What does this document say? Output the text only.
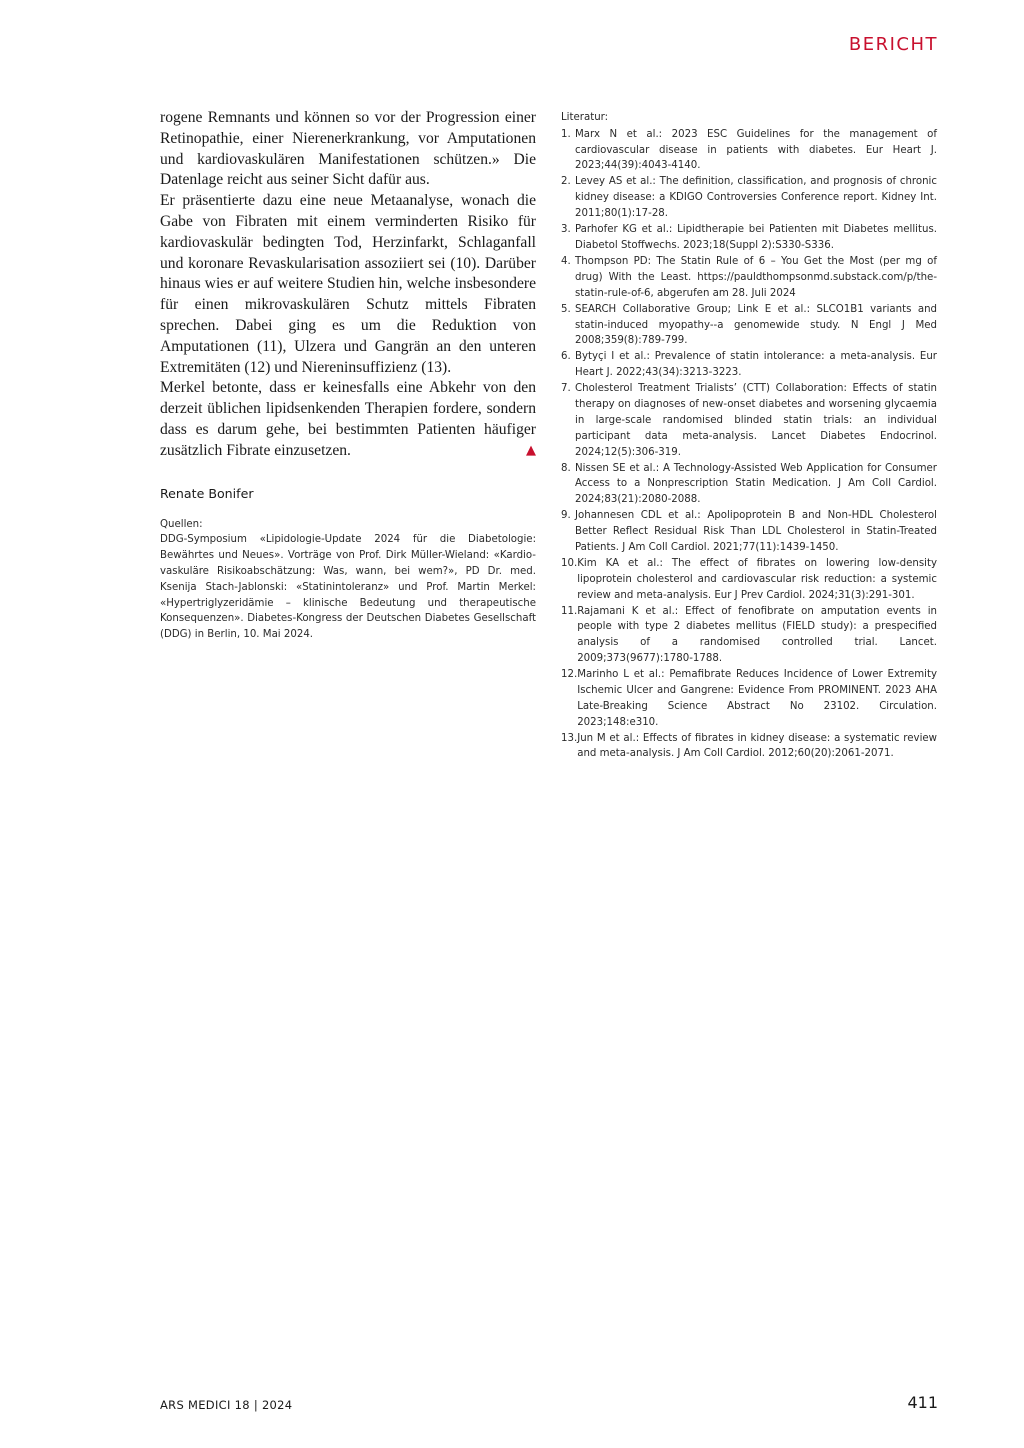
BERICHT

rogene Remnants und können so vor der Progression einer Retinopathie, einer Nierenerkrankung, vor Amputationen und kardiovaskulären Manifestationen schützen.» Die Datenlage reicht aus seiner Sicht dafür aus.

Er präsentierte dazu eine neue Metaanalyse, wonach die Gabe von Fibraten mit einem verminderten Risiko für kardiovaskulär bedingten Tod, Herzinfarkt, Schlaganfall und koronare Revaskularisation assoziiert sei (10). Darüber hinaus wies er auf weitere Studien hin, welche insbesondere für einen mikrovaskulären Schutz mittels Fibraten sprechen. Dabei ging es um die Reduktion von Amputationen (11), Ulzera und Gangrän an den unteren Extremitäten (12) und Niereninsuffizienz (13).

Merkel betonte, dass er keinesfalls eine Abkehr von den derzeit üblichen lipidsenkenden Therapien fordere, sondern dass es darum gehe, bei bestimmten Patienten häufiger zusätzlich Fibrate einzusetzen.	▲

Renate Bonifer

Quellen:

DDG-Symposium «Lipidologie-Update 2024 für die Diabetologie: Bewährtes und Neues». Vorträge von Prof. Dirk Müller-Wieland: «Kardio-vaskuläre Risikoabschätzung: Was, wann, bei wem?», PD Dr. med. Ksenija Stach-Jablonski: «Statinintoleranz» und Prof. Martin Merkel: «Hypertriglyzeridämie – klinische Bedeutung und therapeutische Konsequenzen». Diabetes-Kongress der Deutschen Diabetes Gesellschaft (DDG) in Berlin, 10. Mai 2024.

Literatur:

1. Marx N et al.: 2023 ESC Guidelines for the management of cardiovascular disease in patients with diabetes. Eur Heart J. 2023;44(39):4043-4140.
2. Levey AS et al.: The definition, classification, and prognosis of chronic kidney disease: a KDIGO Controversies Conference report. Kidney Int. 2011;80(1):17-28.
3. Parhofer KG et al.: Lipidtherapie bei Patienten mit Diabetes mellitus. Diabetol Stoffwechs. 2023;18(Suppl 2):S330-S336.
4. Thompson PD: The Statin Rule of 6 – You Get the Most (per mg of drug) With the Least. https://pauldthompsonmd.substack.com/p/the-statin-rule-of-6, abgerufen am 28. Juli 2024
5. SEARCH Collaborative Group; Link E et al.: SLCO1B1 variants and statin-induced myopathy--a genomewide study. N Engl J Med 2008;359(8):789-799.
6. Bytyçi I et al.: Prevalence of statin intolerance: a meta-analysis. Eur Heart J. 2022;43(34):3213-3223.
7. Cholesterol Treatment Trialists’ (CTT) Collaboration: Effects of statin therapy on diagnoses of new-onset diabetes and worsening glycaemia in large-scale randomised blinded statin trials: an individual participant data meta-analysis. Lancet Diabetes Endocrinol. 2024;12(5):306-319.
8. Nissen SE et al.: A Technology-Assisted Web Application for Consumer Access to a Nonprescription Statin Medication. J Am Coll Cardiol. 2024;83(21):2080-2088.
9. Johannesen CDL et al.: Apolipoprotein B and Non-HDL Cholesterol Better Reflect Residual Risk Than LDL Cholesterol in Statin-Treated Patients. J Am Coll Cardiol. 2021;77(11):1439-1450.
10. Kim KA et al.: The effect of fibrates on lowering low-density lipoprotein cholesterol and cardiovascular risk reduction: a systemic review and meta-analysis. Eur J Prev Cardiol. 2024;31(3):291-301.
11. Rajamani K et al.: Effect of fenofibrate on amputation events in people with type 2 diabetes mellitus (FIELD study): a prespecified analysis of a randomised controlled trial. Lancet. 2009;373(9677):1780-1788.
12. Marinho L et al.: Pemafibrate Reduces Incidence of Lower Extremity Ischemic Ulcer and Gangrene: Evidence From PROMINENT. 2023 AHA Late-Breaking Science Abstract No 23102. Circulation. 2023;148:e310.
13. Jun M et al.: Effects of fibrates in kidney disease: a systematic review and meta-analysis. J Am Coll Cardiol. 2012;60(20):2061-2071.
ARS MEDICI 18 | 2024	411
